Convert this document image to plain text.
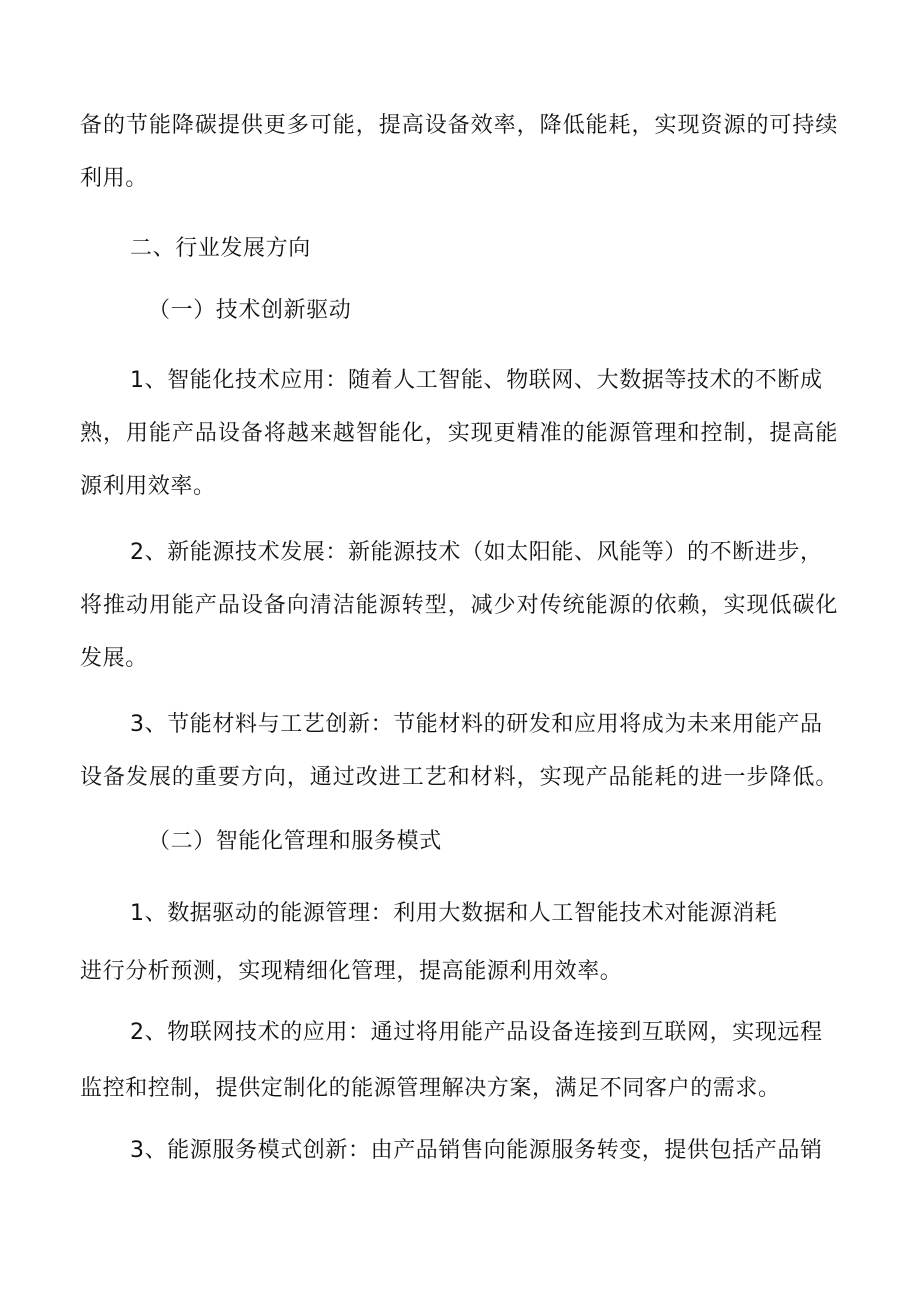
备的节能降碳提供更多可能，提高设备效率，降低能耗，实现资源的可持续
利用。
二、行业发展方向
（一）技术创新驱动
1、智能化技术应用：随着人工智能、物联网、大数据等技术的不断成
熟，用能产品设备将越来越智能化，实现更精准的能源管理和控制，提高能
源利用效率。
2、新能源技术发展：新能源技术（如太阳能、风能等）的不断进步，
将推动用能产品设备向清洁能源转型，减少对传统能源的依赖，实现低碳化
发展。
3、节能材料与工艺创新：节能材料的研发和应用将成为未来用能产品
设备发展的重要方向，通过改进工艺和材料，实现产品能耗的进一步降低。
（二）智能化管理和服务模式
1、数据驱动的能源管理：利用大数据和人工智能技术对能源消耗
进行分析预测，实现精细化管理，提高能源利用效率。
2、物联网技术的应用：通过将用能产品设备连接到互联网，实现远程
监控和控制，提供定制化的能源管理解决方案，满足不同客户的需求。
3、能源服务模式创新：由产品销售向能源服务转变，提供包括产品销
